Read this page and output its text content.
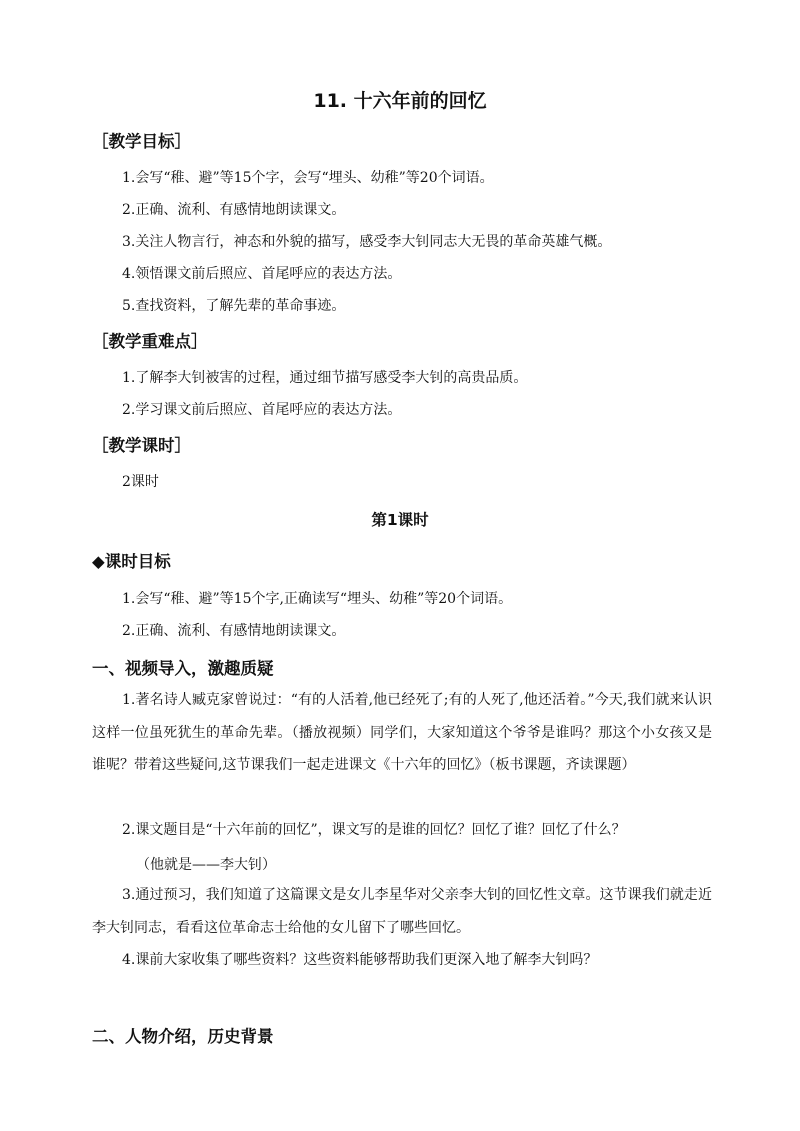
11. 十六年前的回忆
［教学目标］
1.会写“稚、避”等15个字，会写“埋头、幼稚”等20个词语。
2.正确、流利、有感情地朗读课文。
3.关注人物言行，神态和外貌的描写，感受李大钊同志大无畏的革命英雄气概。
4.领悟课文前后照应、首尾呼应的表达方法。
5.查找资料，了解先辈的革命事迹。
［教学重难点］
1.了解李大钊被害的过程，通过细节描写感受李大钊的高贵品质。
2.学习课文前后照应、首尾呼应的表达方法。
［教学课时］
2课时
第1课时
◆课时目标
1.会写“稚、避”等15个字,正确读写“埋头、幼稚”等20个词语。
2.正确、流利、有感情地朗读课文。
一、视频导入，激趣质疑
1.著名诗人臧克家曾说过：“有的人活着,他已经死了;有的人死了,他还活着。”今天,我们就来认识这样一位虽死犹生的革命先辈。（播放视频）同学们，大家知道这个爷爷是谁吗？那这个小女孩又是谁呢？带着这些疑问,这节课我们一起走进课文《十六年的回忆》（板书课题，齐读课题）
2.课文题目是“十六年前的回忆”，课文写的是谁的回忆？回忆了谁？回忆了什么？
（他就是——李大钊）
3.通过预习，我们知道了这篇课文是女儿李星华对父亲李大钊的回忆性文章。这节课我们就走近李大钊同志，看看这位革命志士给他的女儿留下了哪些回忆。
4.课前大家收集了哪些资料？这些资料能够帮助我们更深入地了解李大钊吗？
二、人物介绍，历史背景
